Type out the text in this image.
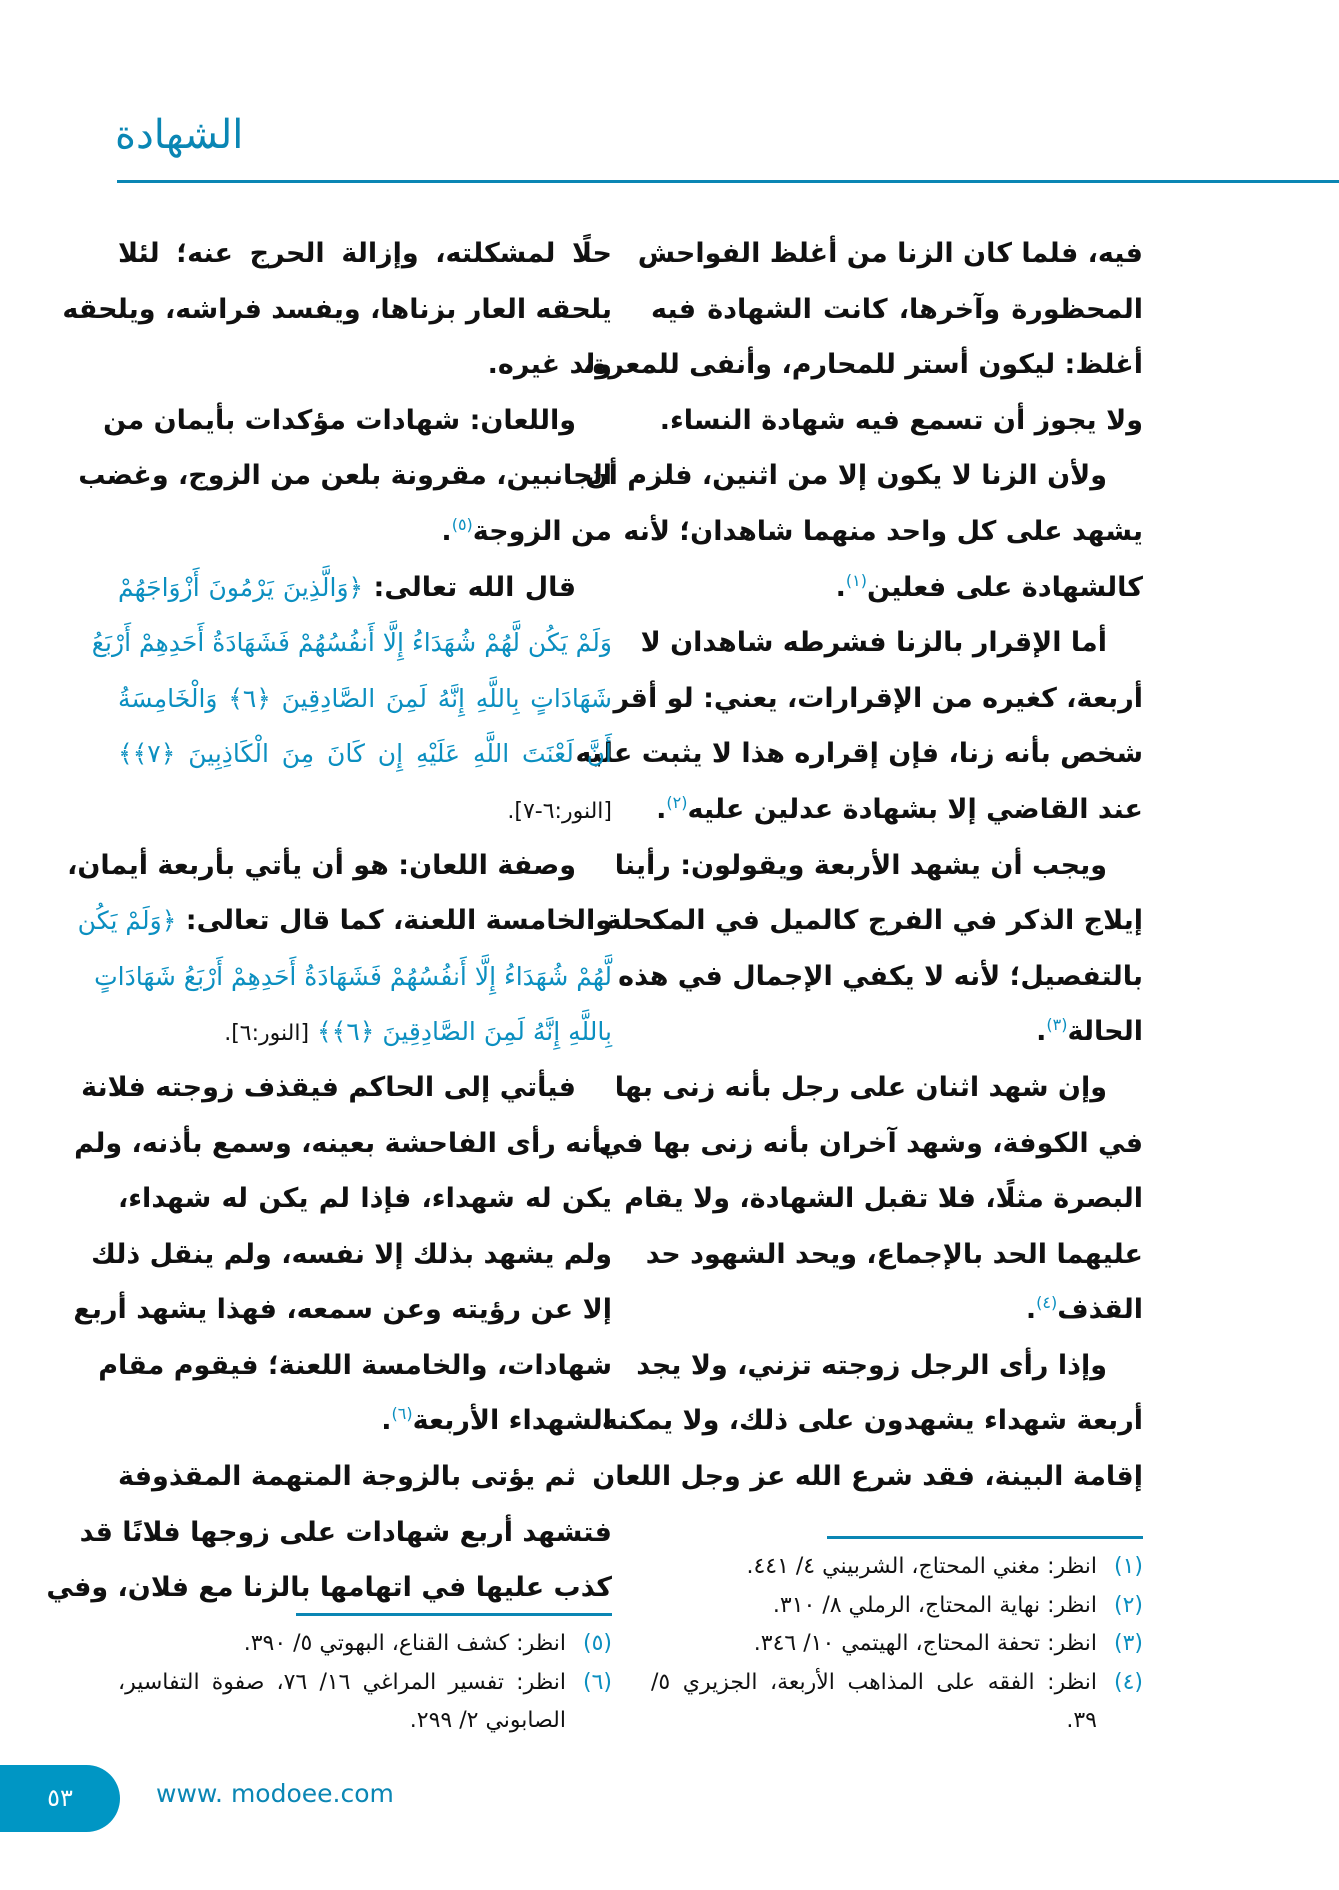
الشهادة
فيه، فلما كان الزنا من أغلظ الفواحش
المحظورة وآخرها، كانت الشهادة فيه
أغلظ: ليكون أستر للمحارم، وأنفى للمعرة،
ولا يجوز أن تسمع فيه شهادة النساء.
ولأن الزنا لا يكون إلا من اثنين، فلزم أن
يشهد على كل واحد منهما شاهدان؛ لأنه
كالشهادة على فعلين$^{(١)}$.
أما الإقرار بالزنا فشرطه شاهدان لا
أربعة، كغيره من الإقرارات، يعني: لو أقر
شخص بأنه زنا، فإن إقراره هذا لا يثبت عليه
عند القاضي إلا بشهادة عدلين عليه$^{(٢)}$.
ويجب أن يشهد الأربعة ويقولون: رأينا
إيلاج الذكر في الفرج كالميل في المكحلة
بالتفصيل؛ لأنه لا يكفي الإجمال في هذه
الحالة$^{(٣)}$.
وإن شهد اثنان على رجل بأنه زنى بها
في الكوفة، وشهد آخران بأنه زنى بها في
البصرة مثلًا، فلا تقبل الشهادة، ولا يقام
عليهما الحد بالإجماع، ويحد الشهود حد
القذف$^{(٤)}$.
وإذا رأى الرجل زوجته تزني، ولا يجد
أربعة شهداء يشهدون على ذلك، ولا يمكنه
إقامة البينة، فقد شرع الله عز وجل اللعان
حلًا لمشكلته، وإزالة الحرج عنه؛ لئلا
يلحقه العار بزناها، ويفسد فراشه، ويلحقه
ولد غيره.
واللعان: شهادات مؤكدات بأيمان من
الجانبين، مقرونة بلعن من الزوج، وغضب
من الزوجة$^{(٥)}$.
قال الله تعالى: ﴿وَالَّذِينَ يَرْمُونَ أَزْوَاجَهُمْ
وَلَمْ يَكُن لَّهُمْ شُهَدَاءُ إِلَّا أَنفُسُهُمْ فَشَهَادَةُ أَحَدِهِمْ أَرْبَعُ
شَهَادَاتٍ بِاللَّهِ إِنَّهُ لَمِنَ الصَّادِقِينَ ﴿٦﴾ وَالْخَامِسَةُ
أَنَّ لَعْنَتَ اللَّهِ عَلَيْهِ إِن كَانَ مِنَ الْكَاذِبِينَ ﴿٧﴾﴾
[النور:٦-٧].
وصفة اللعان: هو أن يأتي بأربعة أيمان،
والخامسة اللعنة، كما قال تعالى: ﴿وَلَمْ يَكُن
لَّهُمْ شُهَدَاءُ إِلَّا أَنفُسُهُمْ فَشَهَادَةُ أَحَدِهِمْ أَرْبَعُ شَهَادَاتٍ
بِاللَّهِ إِنَّهُ لَمِنَ الصَّادِقِينَ ﴿٦﴾﴾ [النور:٦].
فيأتي إلى الحاكم فيقذف زوجته فلانة
بأنه رأى الفاحشة بعينه، وسمع بأذنه، ولم
يكن له شهداء، فإذا لم يكن له شهداء،
ولم يشهد بذلك إلا نفسه، ولم ينقل ذلك
إلا عن رؤيته وعن سمعه، فهذا يشهد أربع
شهادات، والخامسة اللعنة؛ فيقوم مقام
الشهداء الأربعة$^{(٦)}$.
ثم يؤتى بالزوجة المتهمة المقذوفة
فتشهد أربع شهادات على زوجها فلانًا قد
كذب عليها في اتهامها بالزنا مع فلان، وفي
(١)انظر: مغني المحتاج، الشربيني ٤/ ٤٤١.
(٢)انظر: نهاية المحتاج، الرملي ٨/ ٣١٠.
(٣)انظر: تحفة المحتاج، الهيتمي ١٠/ ٣٤٦.
(٤)انظر: الفقه على المذاهب الأربعة، الجزيري ٥/ ٣٩.
(٥)انظر: كشف القناع، البهوتي ٥/ ٣٩٠.
(٦)انظر: تفسير المراغي ١٦/ ٧٦، صفوة التفاسير، الصابوني ٢/ ٢٩٩.
٥٣	www. modoee.com
